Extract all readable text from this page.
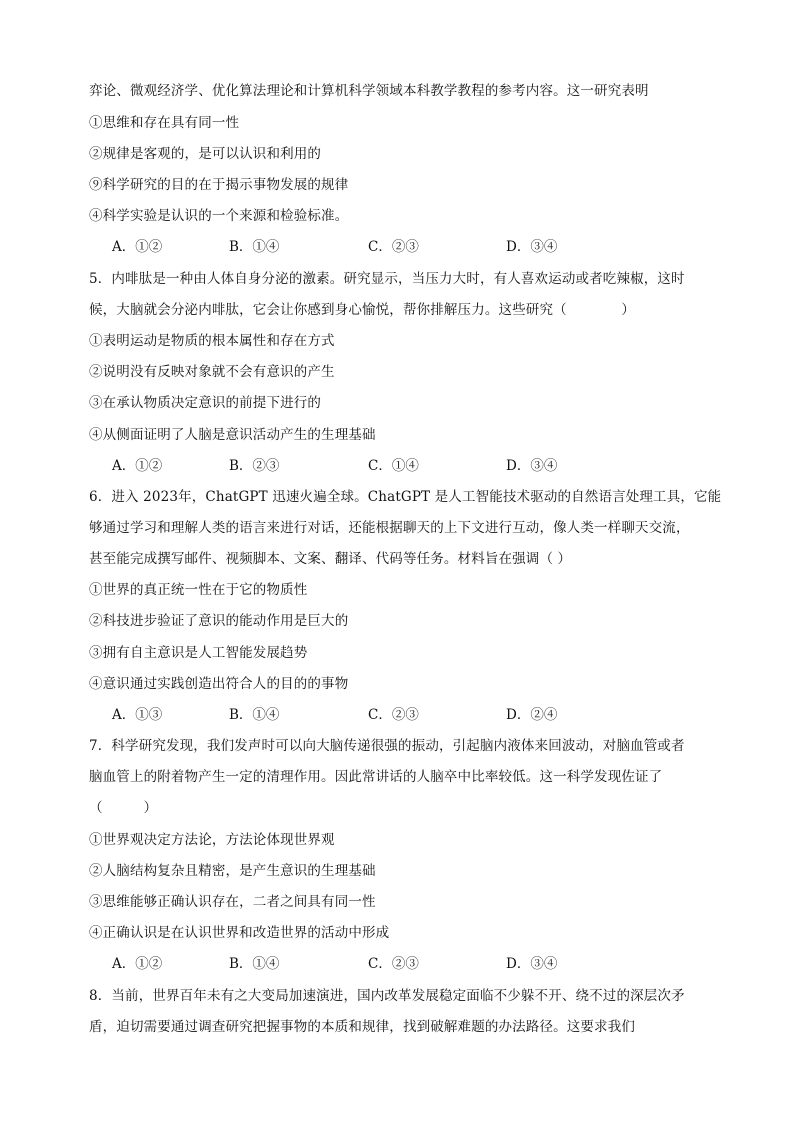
弈论、微观经济学、优化算法理论和计算机科学领域本科教学教程的参考内容。这一研究表明
①思维和存在具有同一性
②规律是客观的，是可以认识和利用的
⑨科学研究的目的在于揭示事物发展的规律
④科学实验是认识的一个来源和检验标准。
A．①②	B．①④	C．②③	D．③④
5．内啡肽是一种由人体自身分泌的激素。研究显示，当压力大时，有人喜欢运动或者吃辣椒，这时
候，大脑就会分泌内啡肽，它会让你感到身心愉悦，帮你排解压力。这些研究（　　　　）
①表明运动是物质的根本属性和存在方式
②说明没有反映对象就不会有意识的产生
③在承认物质决定意识的前提下进行的
④从侧面证明了人脑是意识活动产生的生理基础
A．①②	B．②③	C．①④	D．③④
6．进入 2023年，ChatGPT 迅速火遍全球。ChatGPT 是人工智能技术驱动的自然语言处理工具，它能
够通过学习和理解人类的语言来进行对话，还能根据聊天的上下文进行互动，像人类一样聊天交流，
甚至能完成撰写邮件、视频脚本、文案、翻译、代码等任务。材料旨在强调（ ）
①世界的真正统一性在于它的物质性
②科技进步验证了意识的能动作用是巨大的
③拥有自主意识是人工智能发展趋势
④意识通过实践创造出符合人的目的的事物
A．①③	B．①④	C．②③	D．②④
7．科学研究发现，我们发声时可以向大脑传递很强的振动，引起脑内液体来回波动，对脑血管或者
脑血管上的附着物产生一定的清理作用。因此常讲话的人脑卒中比率较低。这一科学发现佐证了
（　　　）
①世界观决定方法论，方法论体现世界观
②人脑结构复杂且精密，是产生意识的生理基础
③思维能够正确认识存在，二者之间具有同一性
④正确认识是在认识世界和改造世界的活动中形成
A．①②	B．①④	C．②③	D．③④
8．当前，世界百年未有之大变局加速演进，国内改革发展稳定面临不少躲不开、绕不过的深层次矛
盾，迫切需要通过调查研究把握事物的本质和规律，找到破解难题的办法路径。这要求我们
